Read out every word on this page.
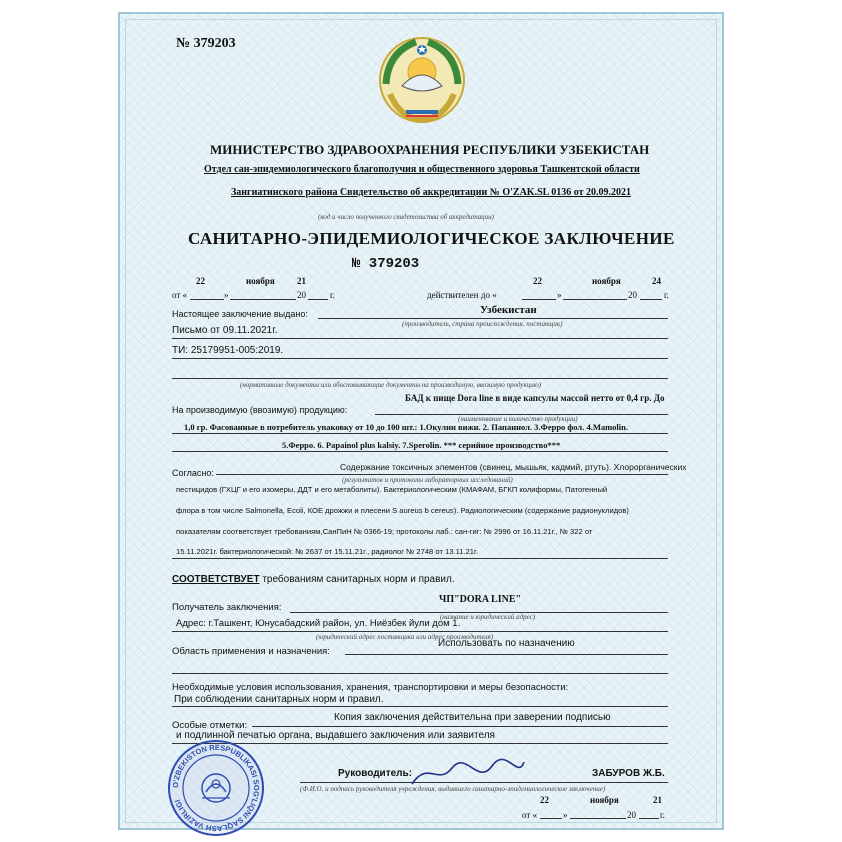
№ 379203
МИНИСТЕРСТВО ЗДРАВООХРАНЕНИЯ РЕСПУБЛИКИ УЗБЕКИСТАН
Отдел сан-эпидемиологического благополучия и общественного здоровья Ташкентской области
Зангиатинского района Свидетельство об аккредитации № O'ZAK.SL 0136 от 20.09.2021
(код и число полученного свидетельства об аккредитации)
САНИТАРНО-ЭПИДЕМИОЛОГИЧЕСКОЕ ЗАКЛЮЧЕНИЕ
№ 379203
22	ноября 21
от «	»	20	г.
22	ноября	24
действителен до «	»	20	г.
Настоящее заключение выдано:	Узбекистан
(производитель, страна происхождения, поставщик)
Письмо от 09.11.2021г.
ТИ: 25179951-005:2019.
(нормативные документы или обосновывающие документы на производимую, ввозимую продукцию)
БАД к пище Dora line в виде капсулы массой нетто от 0,4 гр. До
На производимую (ввозимую) продукцию:
(наименование и количество продукции)
1,0 гр. Фасованные в потребитель упаковку от 10 до 100 шт.: 1.Окулин вижн. 2. Папаннол. 3.Ферро фол. 4.Mamolin.
5.Ферро. 6. Papainol plus kalsiy. 7.Sperolin. *** серийное производство***
Содержание токсичных элементов (свинец, мышьяк, кадмий, ртуть). Хлорорганических
Согласно:
(результатов и протоколы лабораторных исследований)
пестицидов (ГХЦГ и его изомеры, ДДТ и его метаболиты). Бактериологическим (КМАФАМ, БГКП колиформы, Патогенный
флора в том числе Salmonella, Ecoli, КОЕ дрожжи и плесени S aureus b cereus). Радиологическим (содержание радионуклидов)
показателям соответствует требованиям,СанПиН № 0366-19; протоколы лаб.: сан-гиг: № 2996 от 16.11.21г., № 322 от
15.11.2021г. бактериологической: № 2637 от 15.11.21г., радиолог № 2748 от 13.11.21г.
СООТВЕТСТВУЕТ требованиям санитарных норм и правил.
ЧП"DORA LINE"
Получатель заключения:
(название и юридический адрес)
Адрес: г.Ташкент, Юнусабадский район, ул. Ниёзбек йули дом 1.
(юридический адрес поставщика или адрес производителя)
Использовать по назначению
Область применения и назначения:
Необходимые условия использования, хранения, транспортировки и меры безопасности:
При соблюдении санитарных норм и правил.
Копия заключения действительна при заверении подписью
Особые отметки:
и подлинной печатью органа, выдавшего заключения или заявителя
Руководитель:	ЗАБУРОВ Ж.Б.
(Ф.И.О. и подпись руководителя учреждения, выдавшего санитарно-эпидемиологическое заключение)
22	ноября	21
от «	»	20	г.
O'ZBEKISTON RESPUBLIKASI SOG'LIQNI SAQLASH VAZIRLIGI
